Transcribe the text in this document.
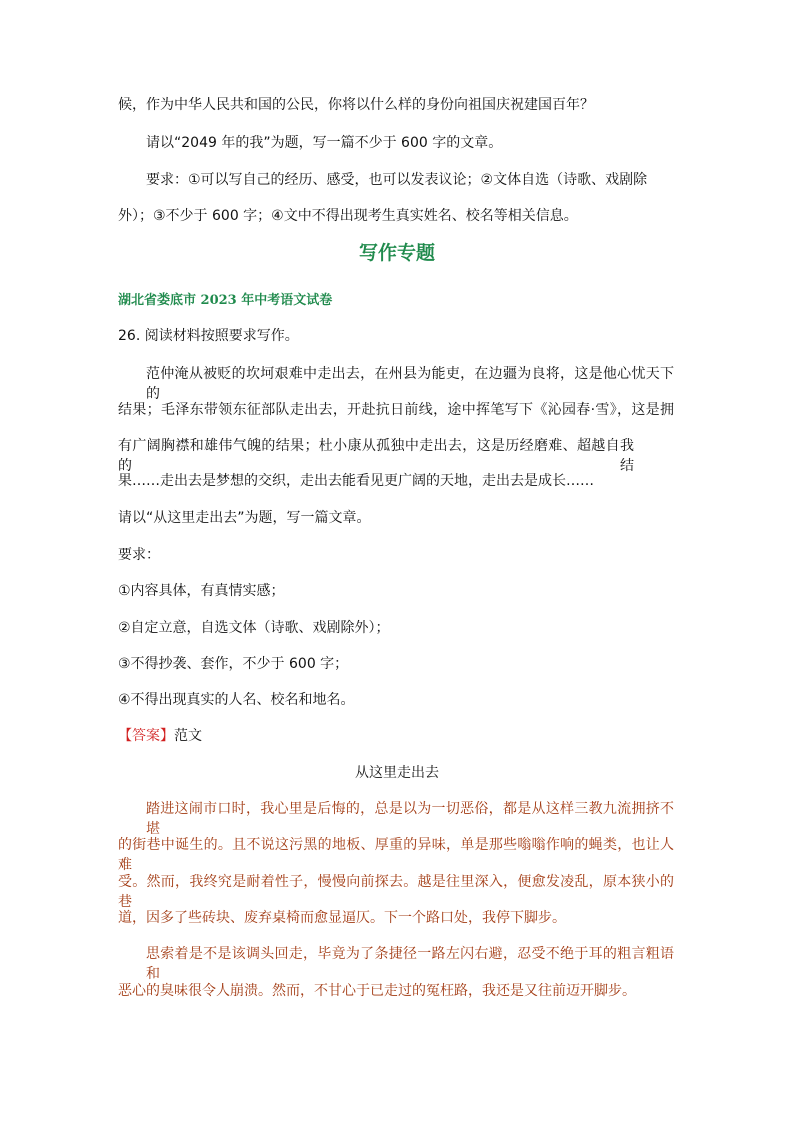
候，作为中华人民共和国的公民，你将以什么样的身份向祖国庆祝建国百年？
请以“2049 年的我”为题，写一篇不少于 600 字的文章。
要求：①可以写自己的经历、感受，也可以发表议论；②文体自选（诗歌、戏剧除
外）；③不少于 600 字；④文中不得出现考生真实姓名、校名等相关信息。
写作专题
湖北省娄底市 2023 年中考语文试卷
26. 阅读材料按照要求写作。
范仲淹从被贬的坎坷艰难中走出去，在州县为能吏，在边疆为良将，这是他心忧天下的
结果；毛泽东带领东征部队走出去，开赴抗日前线，途中挥笔写下《沁园春·雪》，这是拥
有广阔胸襟和雄伟气魄的结果；杜小康从孤独中走出去，这是历经磨难、超越自我的结
果……走出去是梦想的交织，走出去能看见更广阔的天地，走出去是成长……
请以“从这里走出去”为题，写一篇文章。
要求：
①内容具体，有真情实感；
②自定立意，自选文体（诗歌、戏剧除外）；
③不得抄袭、套作，不少于 600 字；
④不得出现真实的人名、校名和地名。
【答案】范文
从这里走出去
踏进这闹市口时，我心里是后悔的，总是以为一切恶俗，都是从这样三教九流拥挤不堪
的街巷中诞生的。且不说这污黑的地板、厚重的异味，单是那些嗡嗡作响的蝇类，也让人难
受。然而，我终究是耐着性子，慢慢向前探去。越是往里深入，便愈发凌乱，原本狭小的巷
道，因多了些砖块、废弃桌椅而愈显逼仄。下一个路口处，我停下脚步。
思索着是不是该调头回走，毕竟为了条捷径一路左闪右避，忍受不绝于耳的粗言粗语和
恶心的臭味很令人崩溃。然而，不甘心于已走过的冤枉路，我还是又往前迈开脚步。
